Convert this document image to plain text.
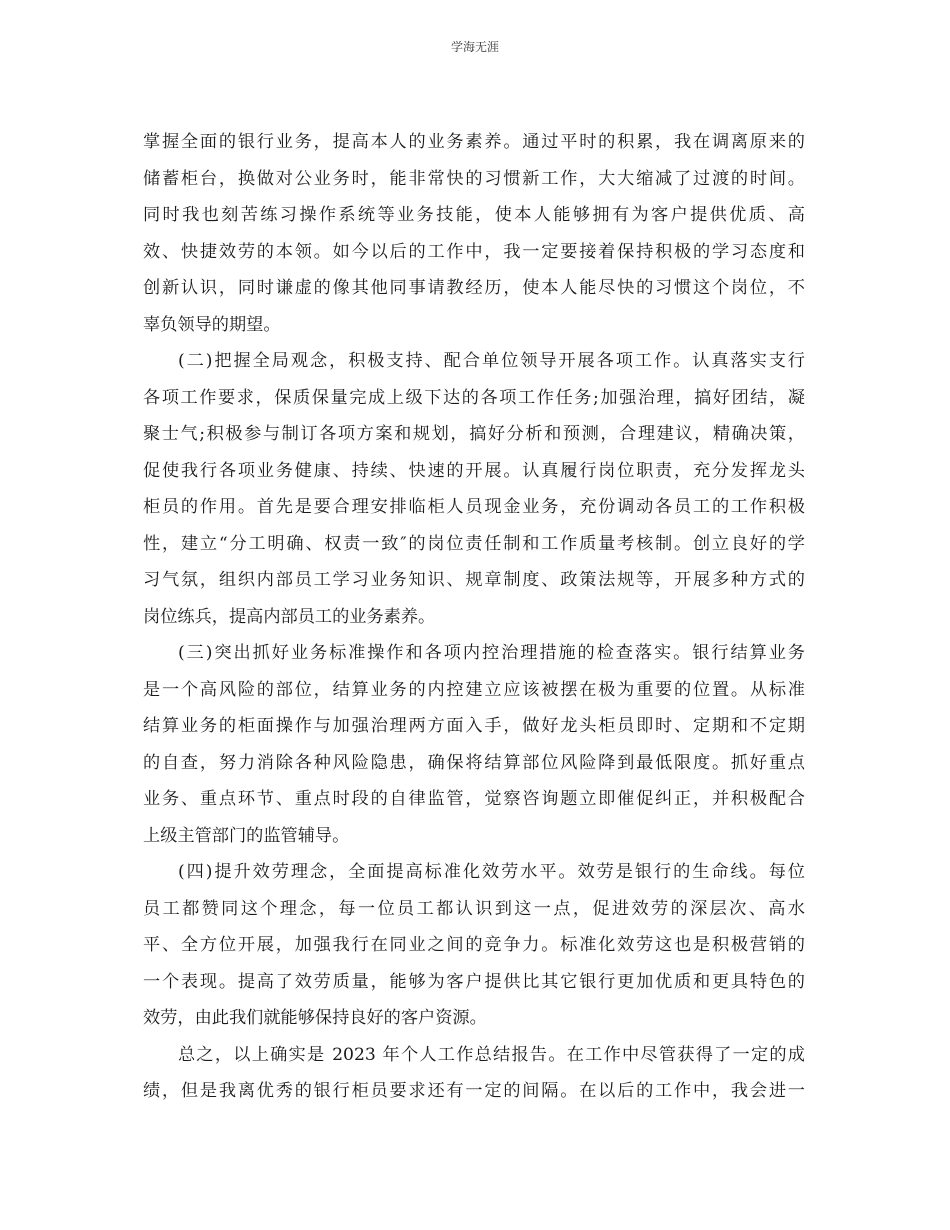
学海无涯
掌握全面的银行业务，提高本人的业务素养。通过平时的积累，我在调离原来的
储蓄柜台，换做对公业务时，能非常快的习惯新工作，大大缩减了过渡的时间。
同时我也刻苦练习操作系统等业务技能，使本人能够拥有为客户提供优质、高
效、快捷效劳的本领。如今以后的工作中，我一定要接着保持积极的学习态度和
创新认识，同时谦虚的像其他同事请教经历，使本人能尽快的习惯这个岗位，不
辜负领导的期望。
(二)把握全局观念，积极支持、配合单位领导开展各项工作。认真落实支行
各项工作要求，保质保量完成上级下达的各项工作任务;加强治理，搞好团结，凝
聚士气;积极参与制订各项方案和规划，搞好分析和预测，合理建议，精确决策，
促使我行各项业务健康、持续、快速的开展。认真履行岗位职责，充分发挥龙头
柜员的作用。首先是要合理安排临柜人员现金业务，充份调动各员工的工作积极
性，建立“分工明确、权责一致″的岗位责任制和工作质量考核制。创立良好的学
习气氛，组织内部员工学习业务知识、规章制度、政策法规等，开展多种方式的
岗位练兵，提高内部员工的业务素养。
(三)突出抓好业务标准操作和各项内控治理措施的检查落实。银行结算业务
是一个高风险的部位，结算业务的内控建立应该被摆在极为重要的位置。从标准
结算业务的柜面操作与加强治理两方面入手，做好龙头柜员即时、定期和不定期
的自查，努力消除各种风险隐患，确保将结算部位风险降到最低限度。抓好重点
业务、重点环节、重点时段的自律监管，觉察咨询题立即催促纠正，并积极配合
上级主管部门的监管辅导。
(四)提升效劳理念，全面提高标准化效劳水平。效劳是银行的生命线。每位
员工都赞同这个理念，每一位员工都认识到这一点，促进效劳的深层次、高水
平、全方位开展，加强我行在同业之间的竞争力。标准化效劳这也是积极营销的
一个表现。提高了效劳质量，能够为客户提供比其它银行更加优质和更具特色的
效劳，由此我们就能够保持良好的客户资源。
总之，以上确实是 2023 年个人工作总结报告。在工作中尽管获得了一定的成
绩，但是我离优秀的银行柜员要求还有一定的间隔。在以后的工作中，我会进一
